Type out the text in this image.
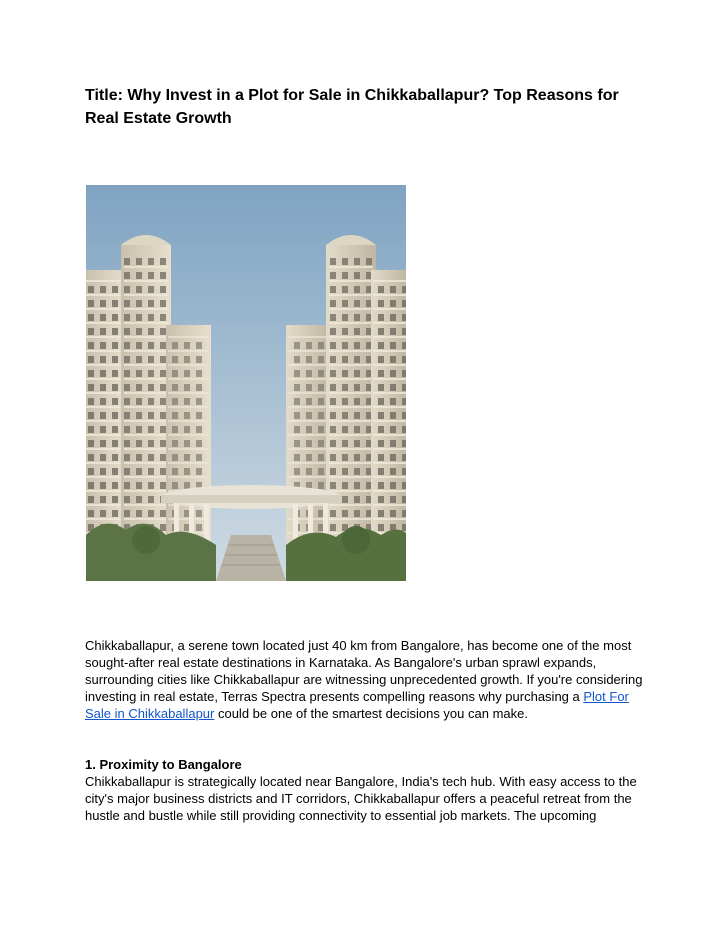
Title: Why Invest in a Plot for Sale in Chikkaballapur? Top Reasons for Real Estate Growth

Chikkaballapur, a serene town located just 40 km from Bangalore, has become one of the most sought-after real estate destinations in Karnataka. As Bangalore's urban sprawl expands, surrounding cities like Chikkaballapur are witnessing unprecedented growth. If you're considering investing in real estate, Terras Spectra presents compelling reasons why purchasing a Plot For Sale in Chikkaballapur could be one of the smartest decisions you can make.

1. Proximity to Bangalore

Chikkaballapur is strategically located near Bangalore, India's tech hub. With easy access to the city's major business districts and IT corridors, Chikkaballapur offers a peaceful retreat from the hustle and bustle while still providing connectivity to essential job markets. The upcoming
